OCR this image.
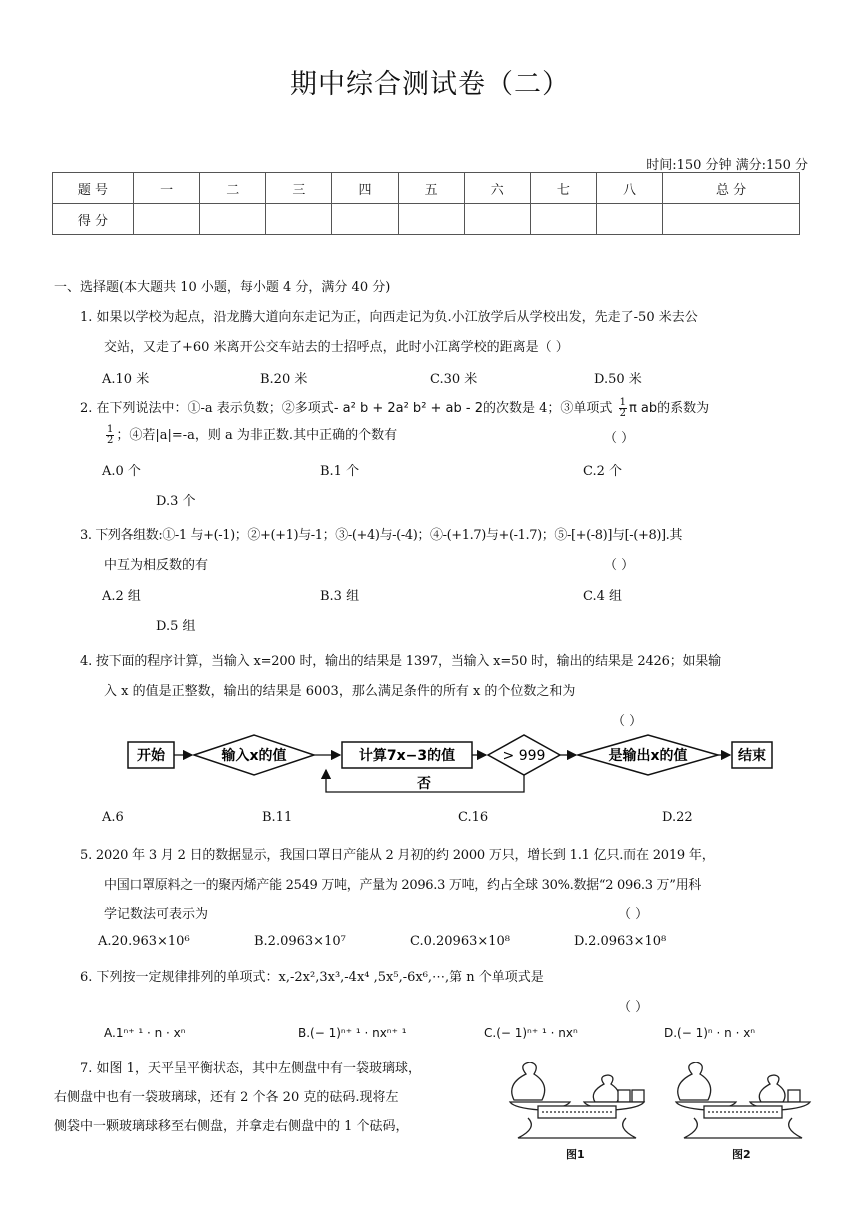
期中综合测试卷（二）
时间:150 分钟 满分:150 分
题 号	一	二	三	四	五	六	七	八	总 分
得 分									
一、选择题(本大题共 10 小题，每小题 4 分，满分 40 分)
1. 如果以学校为起点，沿龙腾大道向东走记为正，向西走记为负.小江放学后从学校出发，先走了-50 米去公
交站，又走了+60 米离开公交车站去的士招呼点，此时小江离学校的距离是（ ）
A.10 米	B.20 米	C.30 米	D.50 米
2. 在下列说法中：①-a 表示负数；②多项式- a² b + 2a² b² + ab - 2的次数是 4；③单项式 $\frac{1}{2}$ π ab的系数为
$\frac{1}{2}$ ；④若|a|=-a，则 a 为非正数.其中正确的个数有	（ ）
A.0 个	B.1 个	C.2 个
D.3 个
3. 下列各组数:①-1 与+(-1)；②+(+1)与-1；③-(+4)与-(-4)；④-(+1.7)与+(-1.7)；⑤-[+(-8)]与[-(+8)].其
中互为相反数的有	（ ）
A.2 组	B.3 组	C.4 组
D.5 组
4. 按下面的程序计算，当输入 x=200 时，输出的结果是 1397，当输入 x=50 时，输出的结果是 2426；如果输
入 x 的值是正整数，输出的结果是 6003，那么满足条件的所有 x 的个位数之和为
（ ）
开始	输入x的值	计算7x−3的值	> 999	是输出x的值	结束
否
A.6	B.11	C.16	D.22
5. 2020 年 3 月 2 日的数据显示，我国口罩日产能从 2 月初的约 2000 万只，增长到 1.1 亿只.而在 2019 年，
中国口罩原料之一的聚丙烯产能 2549 万吨，产量为 2096.3 万吨，约占全球 30%.数据“2 096.3 万”用科
学记数法可表示为	（ ）
A.20.963×10⁶	B.2.0963×10⁷	C.0.20963×10⁸	D.2.0963×10⁸
6. 下列按一定规律排列的单项式：x,-2x²,3x³,-4x⁴ ,5x⁵,-6x⁶,⋯,第 n 个单项式是
（ ）
A.1ⁿ⁺ ¹ · n · xⁿ	B.(− 1)ⁿ⁺ ¹ · nxⁿ⁺ ¹	C.(− 1)ⁿ⁺ ¹ · nxⁿ	D.(− 1)ⁿ · n · xⁿ
7. 如图 1，天平呈平衡状态，其中左侧盘中有一袋玻璃球，
右侧盘中也有一袋玻璃球，还有 2 个各 20 克的砝码.现将左
侧袋中一颗玻璃球移至右侧盘，并拿走右侧盘中的 1 个砝码，
图1	图2
